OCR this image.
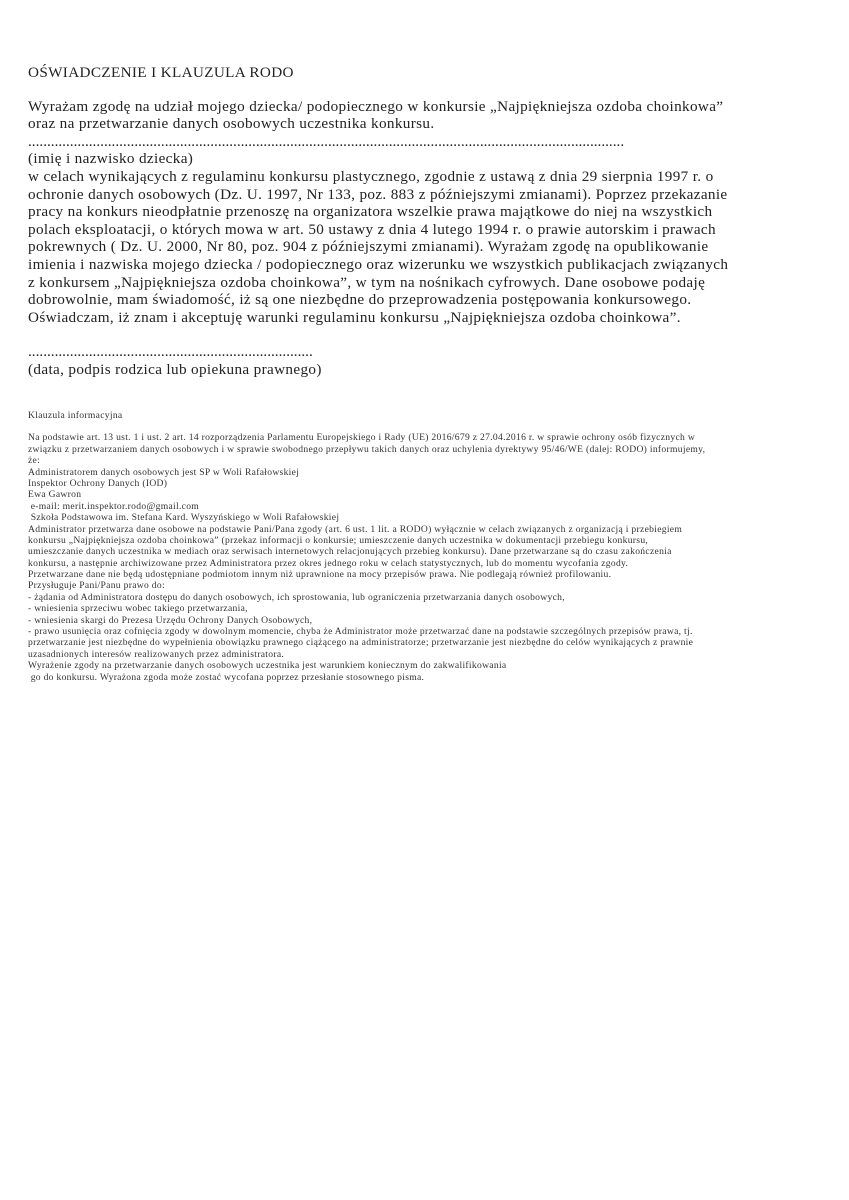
OŚWIADCZENIE I KLAUZULA RODO
Wyrażam zgodę na udział mojego dziecka/ podopiecznego w konkursie „Najpiękniejsza ozdoba choinkowa”
oraz na przetwarzanie danych osobowych uczestnika konkursu.
.............................................................................................................................................................
(imię i nazwisko dziecka)
w celach wynikających z regulaminu konkursu plastycznego, zgodnie z ustawą z dnia 29 sierpnia 1997 r. o
ochronie danych osobowych (Dz. U. 1997, Nr 133, poz. 883 z późniejszymi zmianami). Poprzez przekazanie
pracy na konkurs nieodpłatnie przenoszę na organizatora wszelkie prawa majątkowe do niej na wszystkich
polach eksploatacji, o których mowa w art. 50 ustawy z dnia 4 lutego 1994 r. o prawie autorskim i prawach
pokrewnych ( Dz. U. 2000, Nr 80, poz. 904 z późniejszymi zmianami). Wyrażam zgodę na opublikowanie
imienia i nazwiska mojego dziecka / podopiecznego oraz wizerunku we wszystkich publikacjach związanych
z konkursem „Najpiękniejsza ozdoba choinkowa”, w tym na nośnikach cyfrowych. Dane osobowe podaję
dobrowolnie, mam świadomość, iż są one niezbędne do przeprowadzenia postępowania konkursowego.
Oświadczam, iż znam i akceptuję warunki regulaminu konkursu „Najpiękniejsza ozdoba choinkowa”.
...........................................................................
(data, podpis rodzica lub opiekuna prawnego)
Klauzula informacyjna
Na podstawie art. 13 ust. 1 i ust. 2 art. 14 rozporządzenia Parlamentu Europejskiego i Rady (UE) 2016/679 z 27.04.2016 r. w sprawie ochrony osób fizycznych w
związku z przetwarzaniem danych osobowych i w sprawie swobodnego przepływu takich danych oraz uchylenia dyrektywy 95/46/WE (dalej: RODO) informujemy,
że:
Administratorem danych osobowych jest SP w Woli Rafałowskiej
Inspektor Ochrony Danych (IOD)
Ewa Gawron
e-mail: merit.inspektor.rodo@gmail.com
Szkoła Podstawowa im. Stefana Kard. Wyszyńskiego w Woli Rafałowskiej
Administrator przetwarza dane osobowe na podstawie Pani/Pana zgody (art. 6 ust. 1 lit. a RODO) wyłącznie w celach związanych z organizacją i przebiegiem
konkursu „Najpiękniejsza ozdoba choinkowa” (przekaz informacji o konkursie; umieszczenie danych uczestnika w dokumentacji przebiegu konkursu,
umieszczanie danych uczestnika w mediach oraz serwisach internetowych relacjonujących przebieg konkursu). Dane przetwarzane są do czasu zakończenia
konkursu, a następnie archiwizowane przez Administratora przez okres jednego roku w celach statystycznych, lub do momentu wycofania zgody.
Przetwarzane dane nie będą udostępniane podmiotom innym niż uprawnione na mocy przepisów prawa. Nie podlegają również profilowaniu.
Przysługuje Pani/Panu prawo do:
- żądania od Administratora dostępu do danych osobowych, ich sprostowania, lub ograniczenia przetwarzania danych osobowych,
- wniesienia sprzeciwu wobec takiego przetwarzania,
- wniesienia skargi do Prezesa Urzędu Ochrony Danych Osobowych,
- prawo usunięcia oraz cofnięcia zgody w dowolnym momencie, chyba że Administrator może przetwarzać dane na podstawie szczególnych przepisów prawa, tj.
przetwarzanie jest niezbędne do wypełnienia obowiązku prawnego ciążącego na administratorze; przetwarzanie jest niezbędne do celów wynikających z prawnie
uzasadnionych interesów realizowanych przez administratora.
Wyrażenie zgody na przetwarzanie danych osobowych uczestnika jest warunkiem koniecznym do zakwalifikowania
go do konkursu. Wyrażona zgoda może zostać wycofana poprzez przesłanie stosownego pisma.
